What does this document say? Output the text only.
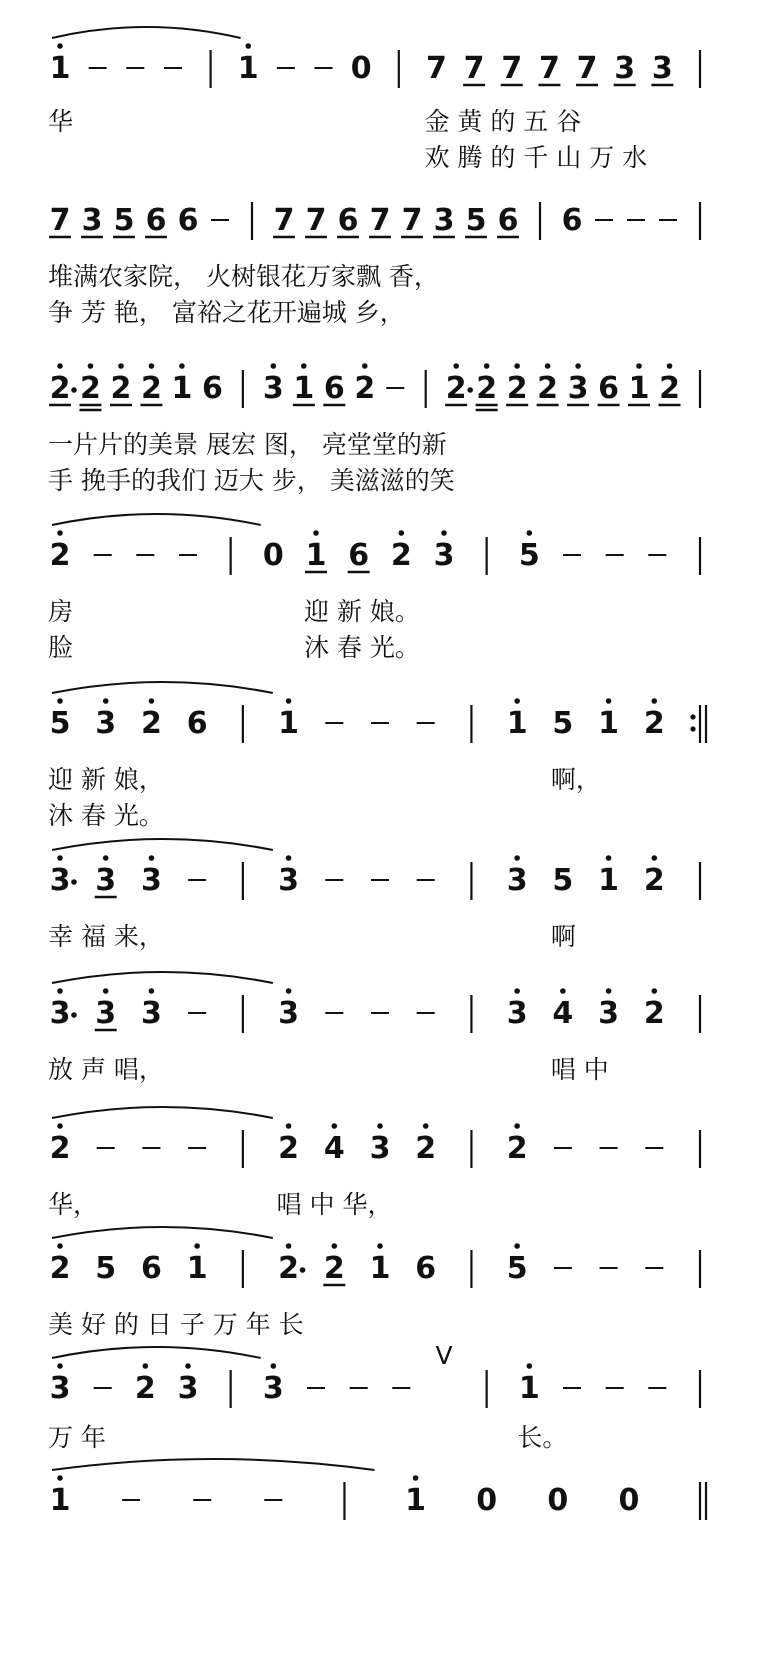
1	1	0 7 7 7 7 7 3 3
华	金 黄 的 五 谷
欢 腾 的 千 山 万 水
7 3 5 6 6	7 7 6 7 7 3 5 6 6
堆满农家院， 火树银花万家飘 香，
争 芳 艳， 富裕之花开遍城 乡，
2 2 2 2 1 6 3 1 6 2 2 2 2 2 3 6 1 2
一片片的美景 展宏 图， 亮堂堂的新
手 挽手的我们 迈大 步， 美滋滋的笑
2	0 1 6 2 3 5
房	迎 新 娘。
脸	沐 春 光。
5 3 2 6 1	1 5 1 2
迎 新 娘，	啊，
沐 春 光。
3 3 3	3	3 5 1 2
幸 福 来，	啊
3 3 3	3	3 4 3 2
放 声 唱，	唱 中
2	2 4 3 2 2
华，	唱 中 华，
2 5 6 1 2 2 1 6 5
美 好 的 日 子 万 年 长
3 2 3 3
V
1
万 年	长。
1	1 0 0 0
